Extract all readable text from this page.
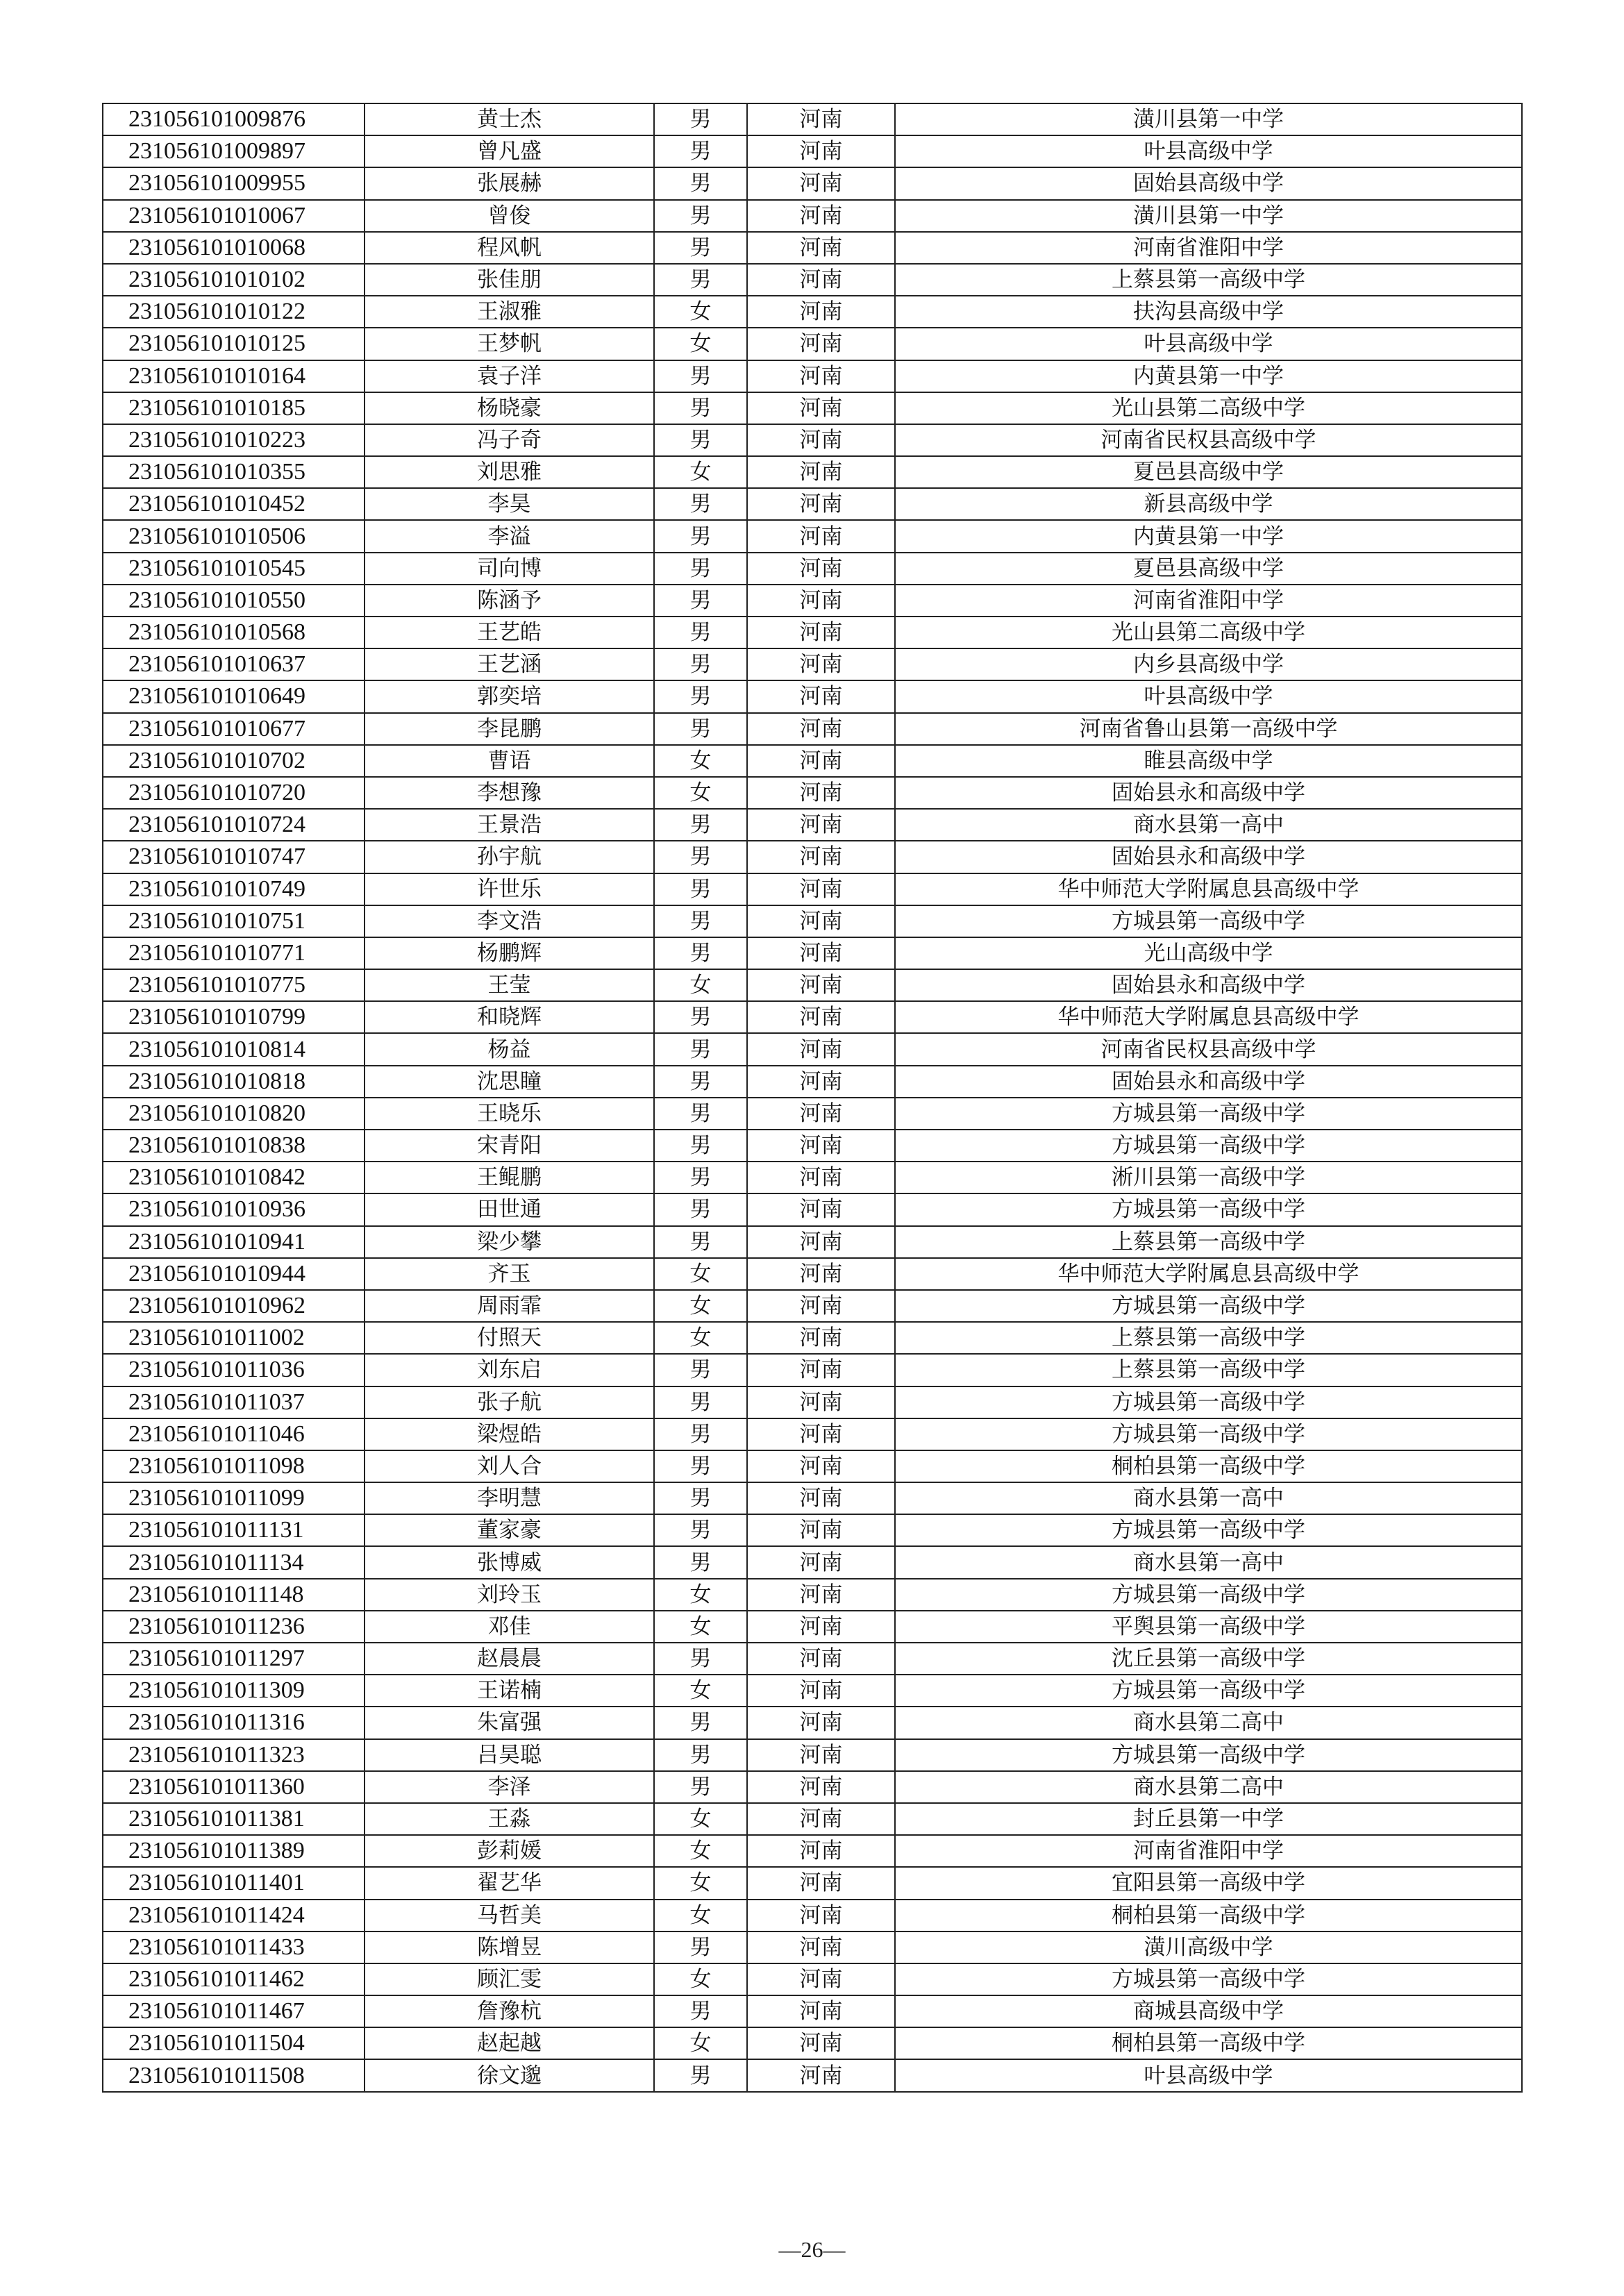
231056101009876	黄士杰	男	河南	潢川县第一中学
231056101009897	曾凡盛	男	河南	叶县高级中学
231056101009955	张展赫	男	河南	固始县高级中学
231056101010067	曾俊	男	河南	潢川县第一中学
231056101010068	程风帆	男	河南	河南省淮阳中学
231056101010102	张佳朋	男	河南	上蔡县第一高级中学
231056101010122	王淑雅	女	河南	扶沟县高级中学
231056101010125	王梦帆	女	河南	叶县高级中学
231056101010164	袁子洋	男	河南	内黄县第一中学
231056101010185	杨晓豪	男	河南	光山县第二高级中学
231056101010223	冯子奇	男	河南	河南省民权县高级中学
231056101010355	刘思雅	女	河南	夏邑县高级中学
231056101010452	李昊	男	河南	新县高级中学
231056101010506	李溢	男	河南	内黄县第一中学
231056101010545	司向博	男	河南	夏邑县高级中学
231056101010550	陈涵予	男	河南	河南省淮阳中学
231056101010568	王艺皓	男	河南	光山县第二高级中学
231056101010637	王艺涵	男	河南	内乡县高级中学
231056101010649	郭奕培	男	河南	叶县高级中学
231056101010677	李昆鹏	男	河南	河南省鲁山县第一高级中学
231056101010702	曹语	女	河南	睢县高级中学
231056101010720	李想豫	女	河南	固始县永和高级中学
231056101010724	王景浩	男	河南	商水县第一高中
231056101010747	孙宇航	男	河南	固始县永和高级中学
231056101010749	许世乐	男	河南	华中师范大学附属息县高级中学
231056101010751	李文浩	男	河南	方城县第一高级中学
231056101010771	杨鹏辉	男	河南	光山高级中学
231056101010775	王莹	女	河南	固始县永和高级中学
231056101010799	和晓辉	男	河南	华中师范大学附属息县高级中学
231056101010814	杨益	男	河南	河南省民权县高级中学
231056101010818	沈思瞳	男	河南	固始县永和高级中学
231056101010820	王晓乐	男	河南	方城县第一高级中学
231056101010838	宋青阳	男	河南	方城县第一高级中学
231056101010842	王鲲鹏	男	河南	淅川县第一高级中学
231056101010936	田世通	男	河南	方城县第一高级中学
231056101010941	梁少攀	男	河南	上蔡县第一高级中学
231056101010944	齐玉	女	河南	华中师范大学附属息县高级中学
231056101010962	周雨霏	女	河南	方城县第一高级中学
231056101011002	付照天	女	河南	上蔡县第一高级中学
231056101011036	刘东启	男	河南	上蔡县第一高级中学
231056101011037	张子航	男	河南	方城县第一高级中学
231056101011046	梁煜皓	男	河南	方城县第一高级中学
231056101011098	刘人合	男	河南	桐柏县第一高级中学
231056101011099	李明慧	男	河南	商水县第一高中
231056101011131	董家豪	男	河南	方城县第一高级中学
231056101011134	张博威	男	河南	商水县第一高中
231056101011148	刘玲玉	女	河南	方城县第一高级中学
231056101011236	邓佳	女	河南	平舆县第一高级中学
231056101011297	赵晨晨	男	河南	沈丘县第一高级中学
231056101011309	王诺楠	女	河南	方城县第一高级中学
231056101011316	朱富强	男	河南	商水县第二高中
231056101011323	吕昊聪	男	河南	方城县第一高级中学
231056101011360	李泽	男	河南	商水县第二高中
231056101011381	王淼	女	河南	封丘县第一中学
231056101011389	彭莉媛	女	河南	河南省淮阳中学
231056101011401	翟艺华	女	河南	宜阳县第一高级中学
231056101011424	马哲美	女	河南	桐柏县第一高级中学
231056101011433	陈增昱	男	河南	潢川高级中学
231056101011462	顾汇雯	女	河南	方城县第一高级中学
231056101011467	詹豫杭	男	河南	商城县高级中学
231056101011504	赵起越	女	河南	桐柏县第一高级中学
231056101011508	徐文邈	男	河南	叶县高级中学
—26—
